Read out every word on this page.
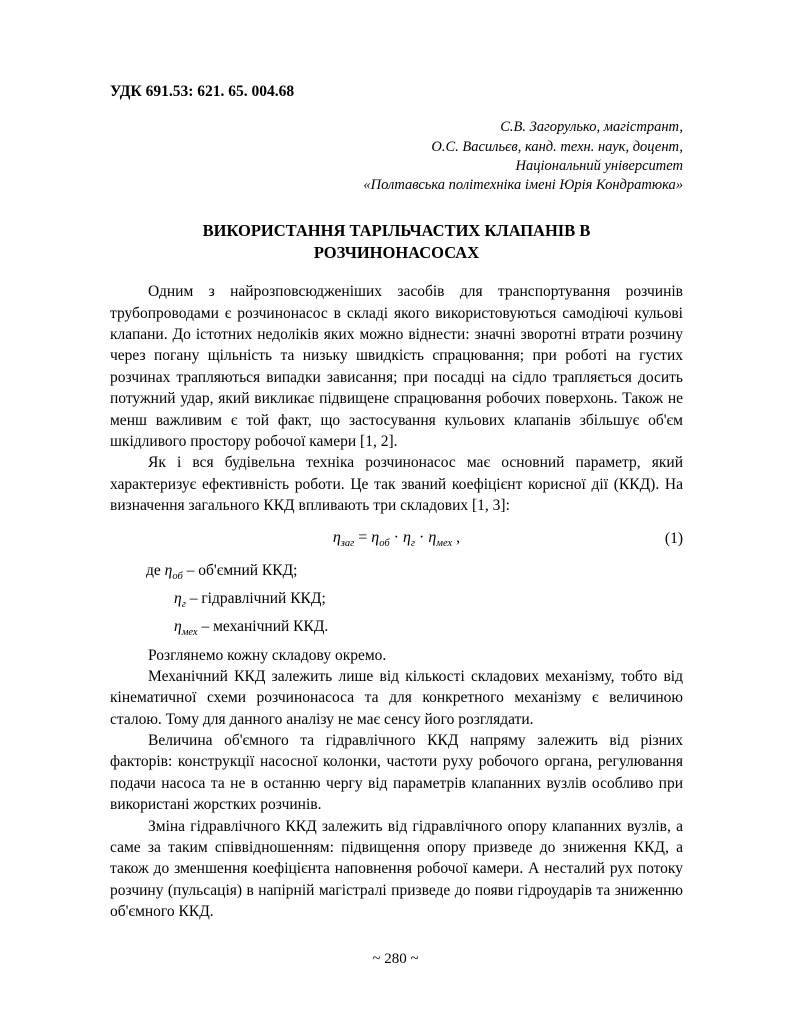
УДК 691.53: 621. 65. 004.68
С.В. Загорулько, магістрант,
О.С. Васильєв, канд. техн. наук, доцент,
Національний університет
«Полтавська політехніка імені Юрія Кондратюка»
ВИКОРИСТАННЯ ТАРІЛЬЧАСТИХ КЛАПАНІВ В
РОЗЧИНОНАСОСАХ

Одним з найрозповсюдженіших засобів для транспортування розчинів трубопроводами є розчинонасос в складі якого використовуються самодіючі кульові клапани. До істотних недоліків яких можно віднести: значні зворотні втрати розчину через погану щільність та низьку швидкість спрацювання; при роботі на густих розчинах трапляються випадки зависання; при посадці на сідло трапляється досить потужний удар, який викликає підвищене спрацювання робочих поверхонь. Також не менш важливим є той факт, що застосування кульових клапанів збільшує об'єм шкідливого простору робочої камери [1, 2].

Як і вся будівельна техніка розчинонасос має основний параметр, який характеризує ефективність роботи. Це так званий коефіцієнт корисної дії (ККД). На визначення загального ККД впливають три складових [1, 3]:

$\eta_{заг} = \eta_{об} \cdot \eta_г \cdot \eta_{мех}$ ,	(1)
де $\eta_{об}$ – об'ємний ККД;
$\eta_г$ – гідравлічний ККД;
$\eta_{мех}$ – механічний ККД.

Розглянемо кожну складову окремо.

Механічний ККД залежить лише від кількості складових механізму, тобто від кінематичної схеми розчинонасоса та для конкретного механізму є величиною сталою. Тому для данного аналізу не має сенсу його розглядати.

Величина об'ємного та гідравлічного ККД напряму залежить від різних факторів: конструкції насосної колонки, частоти руху робочого органа, регулювання подачи насоса та не в останню чергу від параметрів клапанних вузлів особливо при використані жорстких розчинів.

Зміна гідравлічного ККД залежить від гідравлічного опору клапанних вузлів, а саме за таким співвідношенням: підвищення опору призведе до зниження ККД, а також до зменшення коефіцієнта наповнення робочої камери. А несталий рух потоку розчину (пульсація) в напірній магістралі призведе до появи гідроударів та зниженню об'ємного ККД.

~ 280 ~
